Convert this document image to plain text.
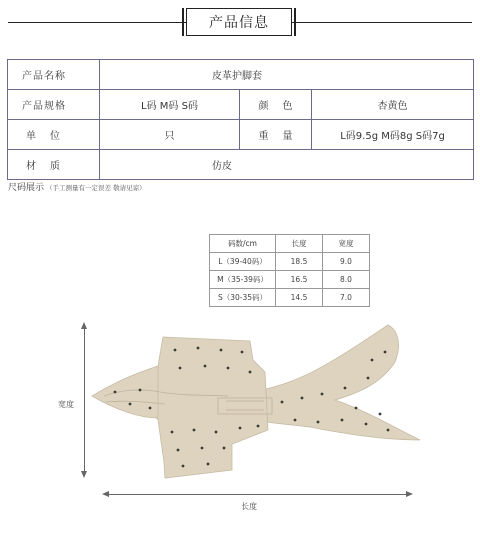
产品信息
产品名称	皮革护脚套		
产品规格	L码 M码 S码	颜色	杏黄色
单位	只	重量	L码9.5g M码8g S码7g
材质	仿皮		
尺码展示 （手工测量有一定误差 敬请见谅）
码数/cm	长度	宽度
L（39-40码）	18.5	9.0
M（35-39码）	16.5	8.0
S（30-35码）	14.5	7.0
宽度
长度
